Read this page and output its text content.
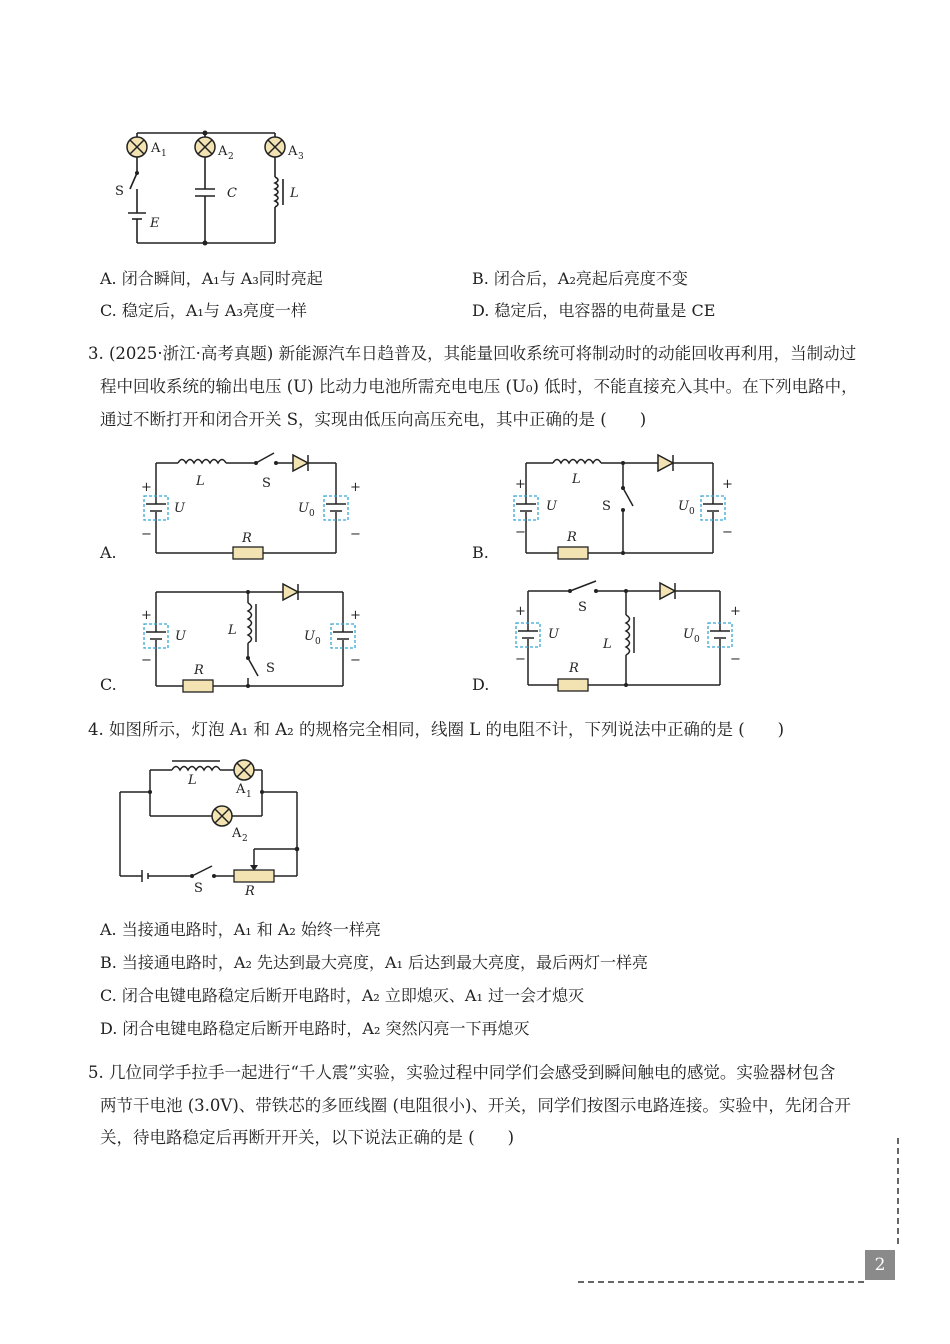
A 1	A 2	A 3
S	C	L
E
A. 闭合瞬间，A₁与 A₃同时亮起	B. 闭合后，A₂亮起后亮度不变
C. 稳定后，A₁与 A₃亮度一样	D. 稳定后，电容器的电荷量是 CE
3. (2025·浙江·高考真题) 新能源汽车日趋普及，其能量回收系统可将制动时的动能回收再利用，当制动过
程中回收系统的输出电压 (U) 比动力电池所需充电电压 (U₀) 低时，不能直接充入其中。在下列电路中，
通过不断打开和闭合开关 S，实现由低压向高压充电，其中正确的是 (　　)
A.
+
−
+
−
U	U 0
L	S
R
B.
+
−
+
−
U	U 0
L
S
R
C.
+
−
+
−
U	U 0
L
S
R
D.
+
−
+
−
U	U 0
L
S
R
4. 如图所示，灯泡 A₁ 和 A₂ 的规格完全相同，线圈 L 的电阻不计，下列说法中正确的是 (　　)
L
A 1
A 2
S	R
A. 当接通电路时，A₁ 和 A₂ 始终一样亮
B. 当接通电路时，A₂ 先达到最大亮度，A₁ 后达到最大亮度，最后两灯一样亮
C. 闭合电键电路稳定后断开电路时，A₂ 立即熄灭、A₁ 过一会才熄灭
D. 闭合电键电路稳定后断开电路时，A₂ 突然闪亮一下再熄灭
5. 几位同学手拉手一起进行“千人震”实验，实验过程中同学们会感受到瞬间触电的感觉。实验器材包含
两节干电池 (3.0V)、带铁芯的多匝线圈 (电阻很小)、开关，同学们按图示电路连接。实验中，先闭合开
关，待电路稳定后再断开开关，以下说法正确的是 (　　)
2
